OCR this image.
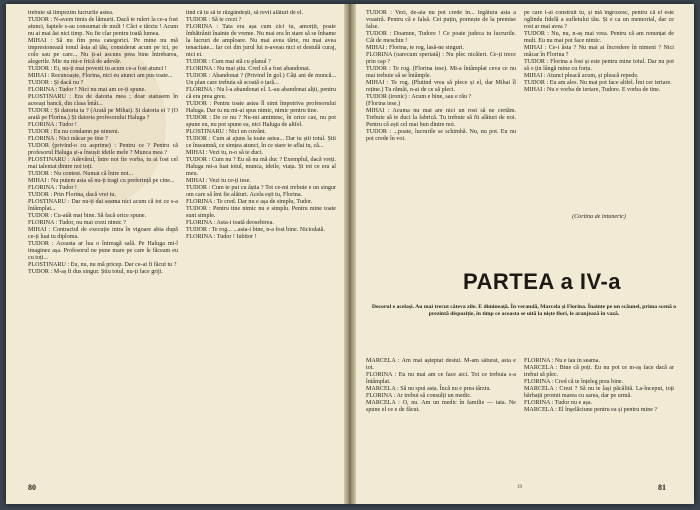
trebuie să limpezim lucrurile astea.

TUDOR : N-avem timis de lămurit. Dacă te ruleri la ce-a fost atunci, faptele s-au consumat de mult ! Căci e tărziu ! Acum nu ai mai ăst nici timp. Nu fie clar pentru toată lumea.

MIHAI : Să nu fim prea categorici. Pe mine nu mă impresionează tonul ăsta al tău, considerat acum pe ici, pe colo sau pe care... Nu ți-ai ascuns prea bine întrebarea, alegerile. Mie nu mi-e frică de adevăr.

TUDOR : Ei, nu-ți mai povesti tu acum ce-a fost atunci !

MIHAI : Recunoaște, Florina, nici eu atunci am pus toate...

TUDOR : Și dacă nu ?

FLORINA : Tudor ! Nici nu mai am ce-ți spune.

PLOSTINARU : Era de datoria mea ; doar statusem în aceeași bancă, din clasa întâi...

TUDOR : Și datoria ta ? (Arată pe Mihai). Și datoria ei ? (O arată pe Florina.) Și datoria profesorului Haluga ?

FLORINA : Tudor !

TUDOR : Eu nu condamn pe nimeni.

FLORINA : Nici măcar pe tine ?

TUDOR (privind-o cu asprime) : Pentru ce ? Pentru că profesorul Haluga și-a însușit ideile mele ? Munca mea ?

PLOSTINARU : Adevărul, între noi fie vorba, tu ai fost cel mai talentat dintre noi toți.

TUDOR : Nu contest. Numai că între noi...

MIHAI : Nu putem asta să nu-ți tragi cu preferință pe cine...

FLORINA : Tudor !

TUDOR : Prin Florina, dacă vrei tu.

PLOSTINARU : Dar nu-ți dai seama nici acum că tot ce s-a întâmplat...

TUDOR : Cu-atât mai bine. Să facă orice spune.

FLORINA : Tudor, nu mai crezi nimic ?

MIHAI : Contractul de execuție intra în vigoare abia după ce-ți luai tu diploma.

TUDOR : Aceasta ar lua o întreagă sală. Pe Haluga mi-l imaginez așa. Profesorul ne pune mare pe care le făceam eu cu toți...

PLOSTINARU : Eu, nu, nu mă pricep. Dar ce-ai fi făcut tu ?

TUDOR : M-aș fi dus singur. Știu totul, nu-ți face griji.

tind că tu să te răzgândești, să revii alături de el.

TUDOR : Să te crezi ?

FLORINA : Tata era așa cum zici tu, amorțit, poate îmbătrânit înainte de vreme. Nu mai era în stare să se înhame la lucruri de amploare. Nu mai avea tărie, nu mai avea tenacitate... Iar cei din jurul lui n-aveau nici ei destulă curaj, nici ei.

TUDOR : Cum mai stă cu planul ?

FLORINA : Nu mai știu. Cred că a fost abandonat.

TUDOR : Abandonat ? (Privind în gol.) Câți ani de muncă... Un plan care trebuia să scoată o țară...

FLORINA : Nu l-a abandonat el. L-au abandonat alții, pentru că era prea greu.

TUDOR : Pentru toate astea îl simt împotriva profesorului Haluga. Dar tu nu mi-ai spus nimic, nimic pentru tine.

TUDOR : De ce nu ? Nu-mi amintesc, în orice caz, nu pot spune eu, nu pot spune ea, nici Haluga de altfel.

PLOSTINARU : Nici un cuvânt.

TUDOR : Cum ai ajuns la toate astea... Dar tu știi totul. Știi ce înseamnă, ce simțea atunci, în ce stare te aflai tu, că...

MIHAI : Vezi tu, n-o să te duci.

TUDOR : Cum nu ? Eu să nu mă duc ? Exemplul, dacă vreți. Haluga mi-a luat totul, munca, ideile, viața. Și tot ce era al meu.

MIHAI : Vezi tu ce-ți iese.

TUDOR : Cum te pui cu ăștia ? Tot ce-mi trebuie e un singur om care să îmi fie alături. Acela ești tu, Florina.

FLORINA : Te cred. Dar nu e așa de simplu, Tudor.

TUDOR : Pentru tine nimic nu e simplu. Pentru mine toate sunt simple.

FLORINA : Asta-i toată deosebirea.

TUDOR : Te rog... ...asta-i bine, n-a fost bine. Niciodată.

FLORINA : Tudor ! Iubitor !

80

TUDOR : Vezi, de-aia nu pot crede în... legătura asta a voastră. Pentru că e falsă. Cei puțin, pornește de la premise false.

TUDOR : Doamne, Tudore ! Ce poate judeca tu lucrurile. Cât de meschin !

MIHAI : Florina, te rog, lasă-ne singuri.

FLORINA (oarecum speriată) : Nu plec nicăieri. Ce-ți trece prin cap ?

TUDOR : Te rog. (Florina iese). Mi-a întâmplat ceva ce nu mai trebuie să se întâmple.

MIHAI : Te rog. (Plutind vrea să plece și el, dar Mihai îl reține.) Tu rămâi, n-ai de ce să pleci.

TUDOR (ironic) : Acum e bine, sau e rău ?

(Florina iese.)

MIHAI : Acuma nu mai are nici un rost să ne certăm. Trebuie să te duci la fabrică. Tu trebuie să fii alături de noi. Pentru că ești cel mai bun dintre noi.

TUDOR : ...poate, lucrurile se schimbă. Nu, nu pot. Eu nu pot crede în voi.

pe care l-ai construit tu, și mă îngrozesc, pentru că el este oglinda fidelă a sufletului tău. Și e ca un memorial, dar ce rost ar mai avea ?

TUDOR : Nu, nu, n-aș mai vrea. Pentru că am renunțat de mult. Eu nu mai pot face nimic.

MIHAI : Ce-i ăsta ? Nu mai ai încredere în nimeni ? Nici măcar în Florina ?

TUDOR : Florina a fost și este pentru mine totul. Dar nu pot să o țin lângă mine cu forța.

MIHAI : Atunci pleacă acum, și pleacă repede.

TUDOR : Eu am ales. Nu mai pot face altfel. Îmi cer iertare.

MIHAI : Nu e vorba de iertare, Tudore. E vorba de tine.

(Cortina de întuneric)

PARTEA a IV-a
Decorul e același. Au mai trecut câteva zile. E dimineață. În verandă, Marcela și Florina. Înainte pe un scăunel, prima scenă o prezintă dispoziție, în timp ce aceasta se uită la niște flori, le aranjează în vază.

MARCELA : Am mai așteptat destul. M-am săturat, asta e tot.

FLORINA : Eu nu mai am ce face aici. Tot ce trebuia s-a întâmplat.

MARCELA : Să nu spui asta. Încă nu e prea târziu.

FLORINA : Ar trebui să consulți un medic.

MARCELA : O, nu. Am un medic în familie — tata. Ne spune el ce e de făcut.

FLORINA : Nu e lau in seama.

MARCELA : Bine că poți. Eu nu pot ce m-aș face dacă ar trebui să plec.

FLORINA : Cred că te înțeleg prea bine.

MARCELA : Crezi ? Să nu te lași păcălită. La-început, toți bărbații promit marea cu sarea, dar pe urmă.

FLORINA : Tudor nu e așa.

MARCELA : El înșelăciune pentru ea și pentru mine ?

19	81
